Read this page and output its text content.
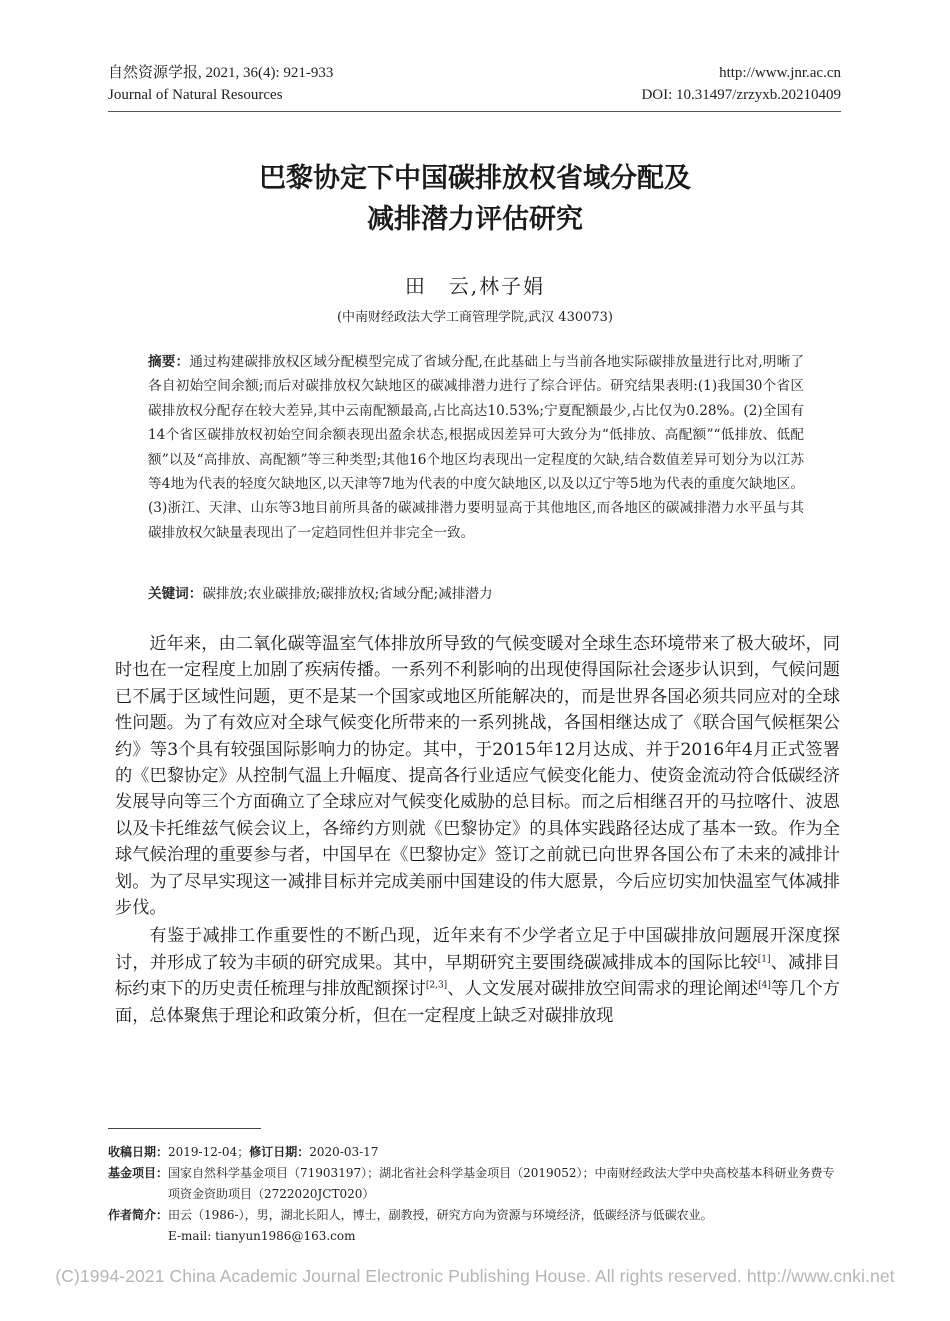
自然资源学报, 2021, 36(4): 921-933
Journal of Natural Resources
http://www.jnr.ac.cn
DOI: 10.31497/zrzyxb.20210409
巴黎协定下中国碳排放权省域分配及
减排潜力评估研究
田　云,林子娟
(中南财经政法大学工商管理学院,武汉 430073)

摘要：通过构建碳排放权区域分配模型完成了省域分配,在此基础上与当前各地实际碳排放量进行比对,明晰了各自初始空间余额;而后对碳排放权欠缺地区的碳减排潜力进行了综合评估。研究结果表明:(1)我国30个省区碳排放权分配存在较大差异,其中云南配额最高,占比高达10.53%;宁夏配额最少,占比仅为0.28%。(2)全国有14个省区碳排放权初始空间余额表现出盈余状态,根据成因差异可大致分为“低排放、高配额”“低排放、低配额”以及“高排放、高配额”等三种类型;其他16个地区均表现出一定程度的欠缺,结合数值差异可划分为以江苏等4地为代表的轻度欠缺地区,以天津等7地为代表的中度欠缺地区,以及以辽宁等5地为代表的重度欠缺地区。(3)浙江、天津、山东等3地目前所具备的碳减排潜力要明显高于其他地区,而各地区的碳减排潜力水平虽与其碳排放权欠缺量表现出了一定趋同性但并非完全一致。

关键词：碳排放;农业碳排放;碳排放权;省域分配;减排潜力

近年来，由二氧化碳等温室气体排放所导致的气候变暖对全球生态环境带来了极大破坏，同时也在一定程度上加剧了疾病传播。一系列不利影响的出现使得国际社会逐步认识到，气候问题已不属于区域性问题，更不是某一个国家或地区所能解决的，而是世界各国必须共同应对的全球性问题。为了有效应对全球气候变化所带来的一系列挑战，各国相继达成了《联合国气候框架公约》等3个具有较强国际影响力的协定。其中，于2015年12月达成、并于2016年4月正式签署的《巴黎协定》从控制气温上升幅度、提高各行业适应气候变化能力、使资金流动符合低碳经济发展导向等三个方面确立了全球应对气候变化威胁的总目标。而之后相继召开的马拉喀什、波恩以及卡托维兹气候会议上，各缔约方则就《巴黎协定》的具体实践路径达成了基本一致。作为全球气候治理的重要参与者，中国早在《巴黎协定》签订之前就已向世界各国公布了未来的减排计划。为了尽早实现这一减排目标并完成美丽中国建设的伟大愿景，今后应切实加快温室气体减排步伐。

有鉴于减排工作重要性的不断凸现，近年来有不少学者立足于中国碳排放问题展开深度探讨，并形成了较为丰硕的研究成果。其中，早期研究主要围绕碳减排成本的国际比较[1]、减排目标约束下的历史责任梳理与排放配额探讨[2,3]、人文发展对碳排放空间需求的理论阐述[4]等几个方面，总体聚焦于理论和政策分析，但在一定程度上缺乏对碳排放现

收稿日期： 2019-12-04； 修订日期： 2020-03-17
基金项目： 国家自然科学基金项目（71903197）；湖北省社会科学基金项目（2019052）；中南财经政法大学中央高校基本科研业务费专项资金资助项目（2722020JCT020）
作者简介： 田云（1986-），男，湖北长阳人，博士，副教授，研究方向为资源与环境经济，低碳经济与低碳农业。
E-mail: tianyun1986@163.com
(C)1994-2021 China Academic Journal Electronic Publishing House. All rights reserved. http://www.cnki.net
